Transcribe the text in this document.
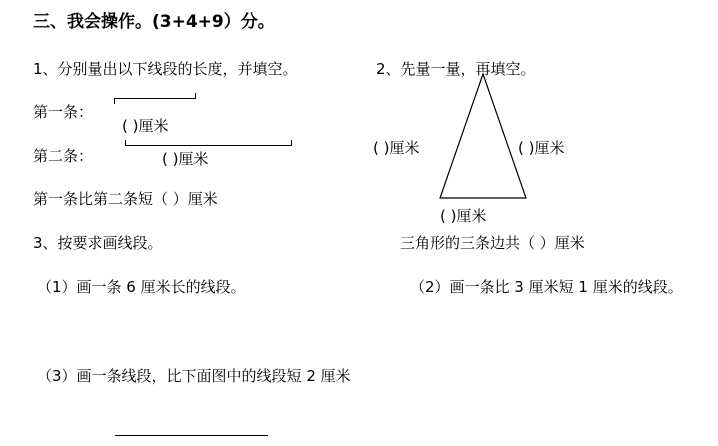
三、我会操作。(3+4+9）分。
1、分别量出以下线段的长度，并填空。
第一条：
( )厘米
第二条：	( )厘米
第一条比第二条短（ ）厘米
2、先量一量，再填空。
( )厘米	( )厘米
( )厘米
三角形的三条边共（ ）厘米
3、按要求画线段。
（1）画一条 6 厘米长的线段。	（2）画一条比 3 厘米短 1 厘米的线段。
（3）画一条线段，比下面图中的线段短 2 厘米
